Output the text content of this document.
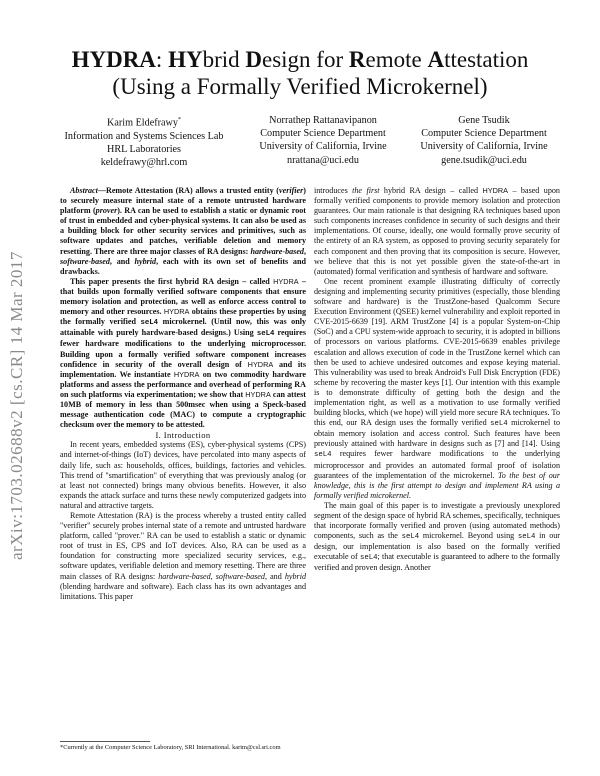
arXiv:1703.02688v2 [cs.CR] 14 Mar 2017
HYDRA: HYbrid Design for Remote Attestation
(Using a Formally Verified Microkernel)
Karim Eldefrawy*
Information and Systems Sciences Lab
HRL Laboratories
keldefrawy@hrl.com
Norrathep Rattanavipanon
Computer Science Department
University of California, Irvine
nrattana@uci.edu
Gene Tsudik
Computer Science Department
University of California, Irvine
gene.tsudik@uci.edu

Abstract—Remote Attestation (RA) allows a trusted entity (verifier) to securely measure internal state of a remote untrusted hardware platform (prover). RA can be used to establish a static or dynamic root of trust in embedded and cyber-physical systems. It can also be used as a building block for other security services and primitives, such as software updates and patches, verifiable deletion and memory resetting. There are three major classes of RA designs: hardware-based, software-based, and hybrid, each with its own set of benefits and drawbacks.

This paper presents the first hybrid RA design – called HYDRA – that builds upon formally verified software components that ensure memory isolation and protection, as well as enforce access control to memory and other resources. HYDRA obtains these properties by using the formally verified seL4 microkernel. (Until now, this was only attainable with purely hardware-based designs.) Using seL4 requires fewer hardware modifications to the underlying microprocessor. Building upon a formally verified software component increases confidence in security of the overall design of HYDRA and its implementation. We instantiate HYDRA on two commodity hardware platforms and assess the performance and overhead of performing RA on such platforms via experimentation; we show that HYDRA can attest 10MB of memory in less than 500msec when using a Speck-based message authentication code (MAC) to compute a cryptographic checksum over the memory to be attested.

I. Introduction

In recent years, embedded systems (ES), cyber-physical systems (CPS) and internet-of-things (IoT) devices, have percolated into many aspects of daily life, such as: households, offices, buildings, factories and vehicles. This trend of "smartification" of everything that was previously analog (or at least not connected) brings many obvious benefits. However, it also expands the attack surface and turns these newly computerized gadgets into natural and attractive targets.

Remote Attestation (RA) is the process whereby a trusted entity called "verifier" securely probes internal state of a remote and untrusted hardware platform, called "prover." RA can be used to establish a static or dynamic root of trust in ES, CPS and IoT devices. Also, RA can be used as a foundation for constructing more specialized security services, e.g., software updates, verifiable deletion and memory resetting. There are three main classes of RA designs: hardware-based, software-based, and hybrid (blending hardware and software). Each class has its own advantages and limitations. This paper

*Currently at the Computer Science Laboratory, SRI International. karim@csl.sri.com

introduces the first hybrid RA design – called HYDRA – based upon formally verified components to provide memory isolation and protection guarantees. Our main rationale is that designing RA techniques based upon such components increases confidence in security of such designs and their implementations. Of course, ideally, one would formally prove security of the entirety of an RA system, as opposed to proving security separately for each component and then proving that its composition is secure. However, we believe that this is not yet possible given the state-of-the-art in (automated) formal verification and synthesis of hardware and software.

One recent prominent example illustrating difficulty of correctly designing and implementing security primitives (especially, those blending software and hardware) is the TrustZone-based Qualcomm Secure Execution Environment (QSEE) kernel vulnerability and exploit reported in CVE-2015-6639 [19]. ARM TrustZone [4] is a popular System-on-Chip (SoC) and a CPU system-wide approach to security, it is adopted in billions of processors on various platforms. CVE-2015-6639 enables privilege escalation and allows execution of code in the TrustZone kernel which can then be used to achieve undesired outcomes and expose keying material. This vulnerability was used to break Android's Full Disk Encryption (FDE) scheme by recovering the master keys [1]. Our intention with this example is to demonstrate difficulty of getting both the design and the implementation right, as well as a motivation to use formally verified building blocks, which (we hope) will yield more secure RA techniques. To this end, our RA design uses the formally verified seL4 microkernel to obtain memory isolation and access control. Such features have been previously attained with hardware in designs such as [7] and [14]. Using seL4 requires fewer hardware modifications to the underlying microprocessor and provides an automated formal proof of isolation guarantees of the implementation of the microkernel. To the best of our knowledge, this is the first attempt to design and implement RA using a formally verified microkernel.

The main goal of this paper is to investigate a previously unexplored segment of the design space of hybrid RA schemes, specifically, techniques that incorporate formally verified and proven (using automated methods) components, such as the seL4 microkernel. Beyond using seL4 in our design, our implementation is also based on the formally verified executable of seL4; that executable is guaranteed to adhere to the formally verified and proven design. Another
